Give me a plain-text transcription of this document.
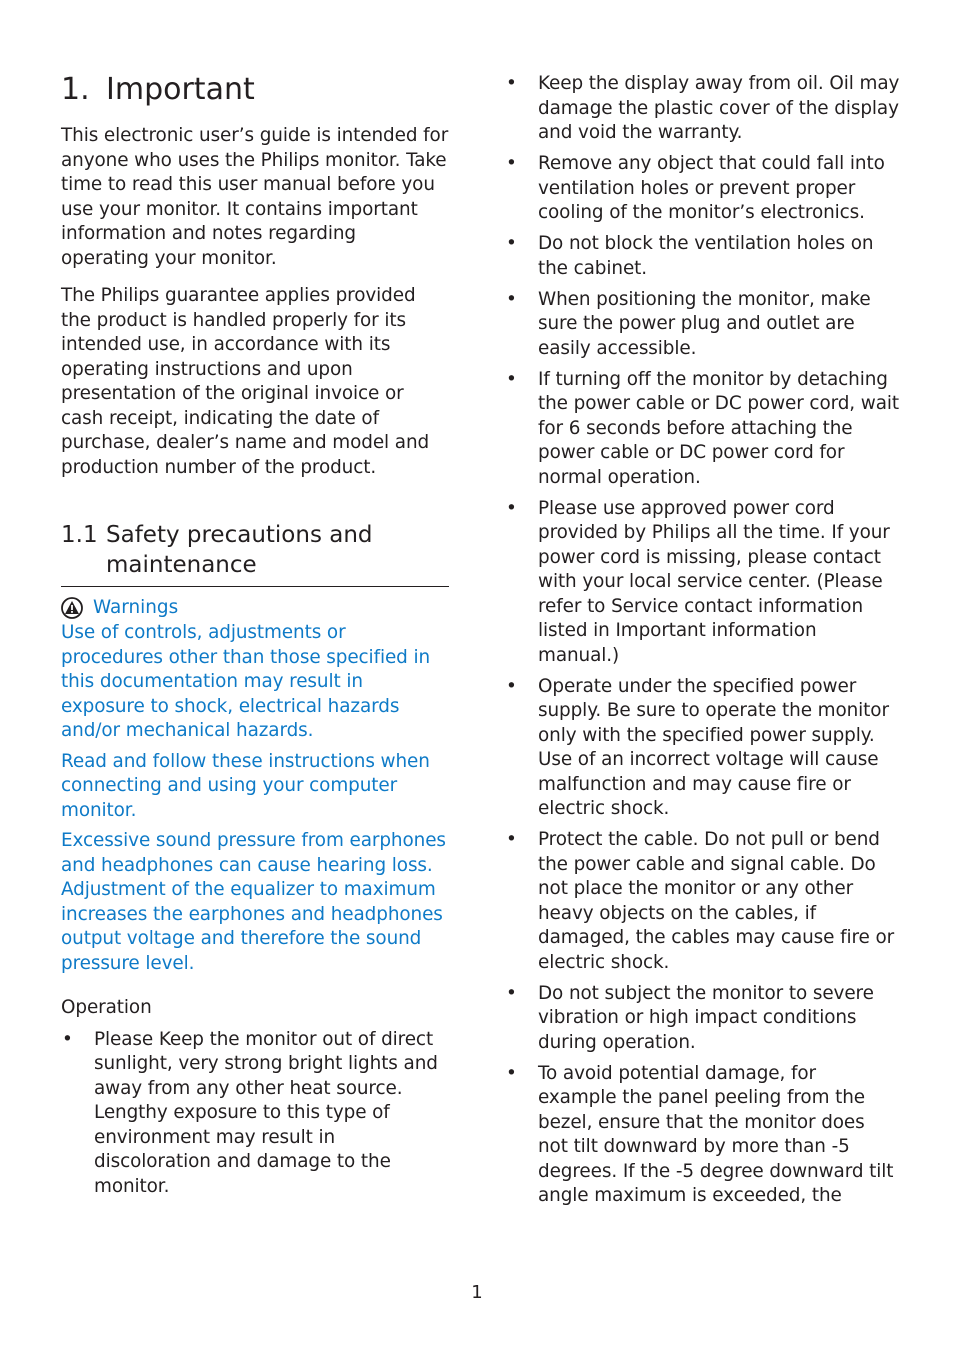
1. Important

This electronic user’s guide is intended for anyone who uses the Philips monitor. Take time to read this user manual before you use your monitor. It contains important information and notes regarding operating your monitor.

The Philips guarantee applies provided the product is handled properly for its intended use, in accordance with its operating instructions and upon presentation of the original invoice or cash receipt, indicating the date of purchase, dealer’s name and model and production number of the product.

1.1 Safety precautions and maintenance
Warnings

Use of controls, adjustments or procedures other than those specified in this documentation may result in exposure to shock, electrical hazards and/or mechanical hazards.

Read and follow these instructions when connecting and using your computer monitor.

Excessive sound pressure from earphones and headphones can cause hearing loss. Adjustment of the equalizer to maximum increases the earphones and headphones output voltage and therefore the sound pressure level.

Operation

•	Please Keep the monitor out of direct sunlight, very strong bright lights and away from any other heat source. Lengthy exposure to this type of environment may result in discoloration and damage to the monitor.
•	Keep the display away from oil. Oil may damage the plastic cover of the display and void the warranty.
•	Remove any object that could fall into ventilation holes or prevent proper cooling of the monitor’s electronics.
•	Do not block the ventilation holes on the cabinet.
•	When positioning the monitor, make sure the power plug and outlet are easily accessible.
•	If turning off the monitor by detaching the power cable or DC power cord, wait for 6 seconds before attaching the power cable or DC power cord for normal operation.
•	Please use approved power cord provided by Philips all the time. If your power cord is missing, please contact with your local service center. (Please refer to Service contact information listed in Important information manual.)
•	Operate under the specified power supply. Be sure to operate the monitor only with the specified power supply. Use of an incorrect voltage will cause malfunction and may cause fire or electric shock.
•	Protect the cable. Do not pull or bend the power cable and signal cable. Do not place the monitor or any other heavy objects on the cables, if damaged, the cables may cause fire or electric shock.
•	Do not subject the monitor to severe vibration or high impact conditions during operation.
•	To avoid potential damage, for example the panel peeling from the bezel, ensure that the monitor does not tilt downward by more than -5 degrees. If the -5 degree downward tilt angle maximum is exceeded, the
1
